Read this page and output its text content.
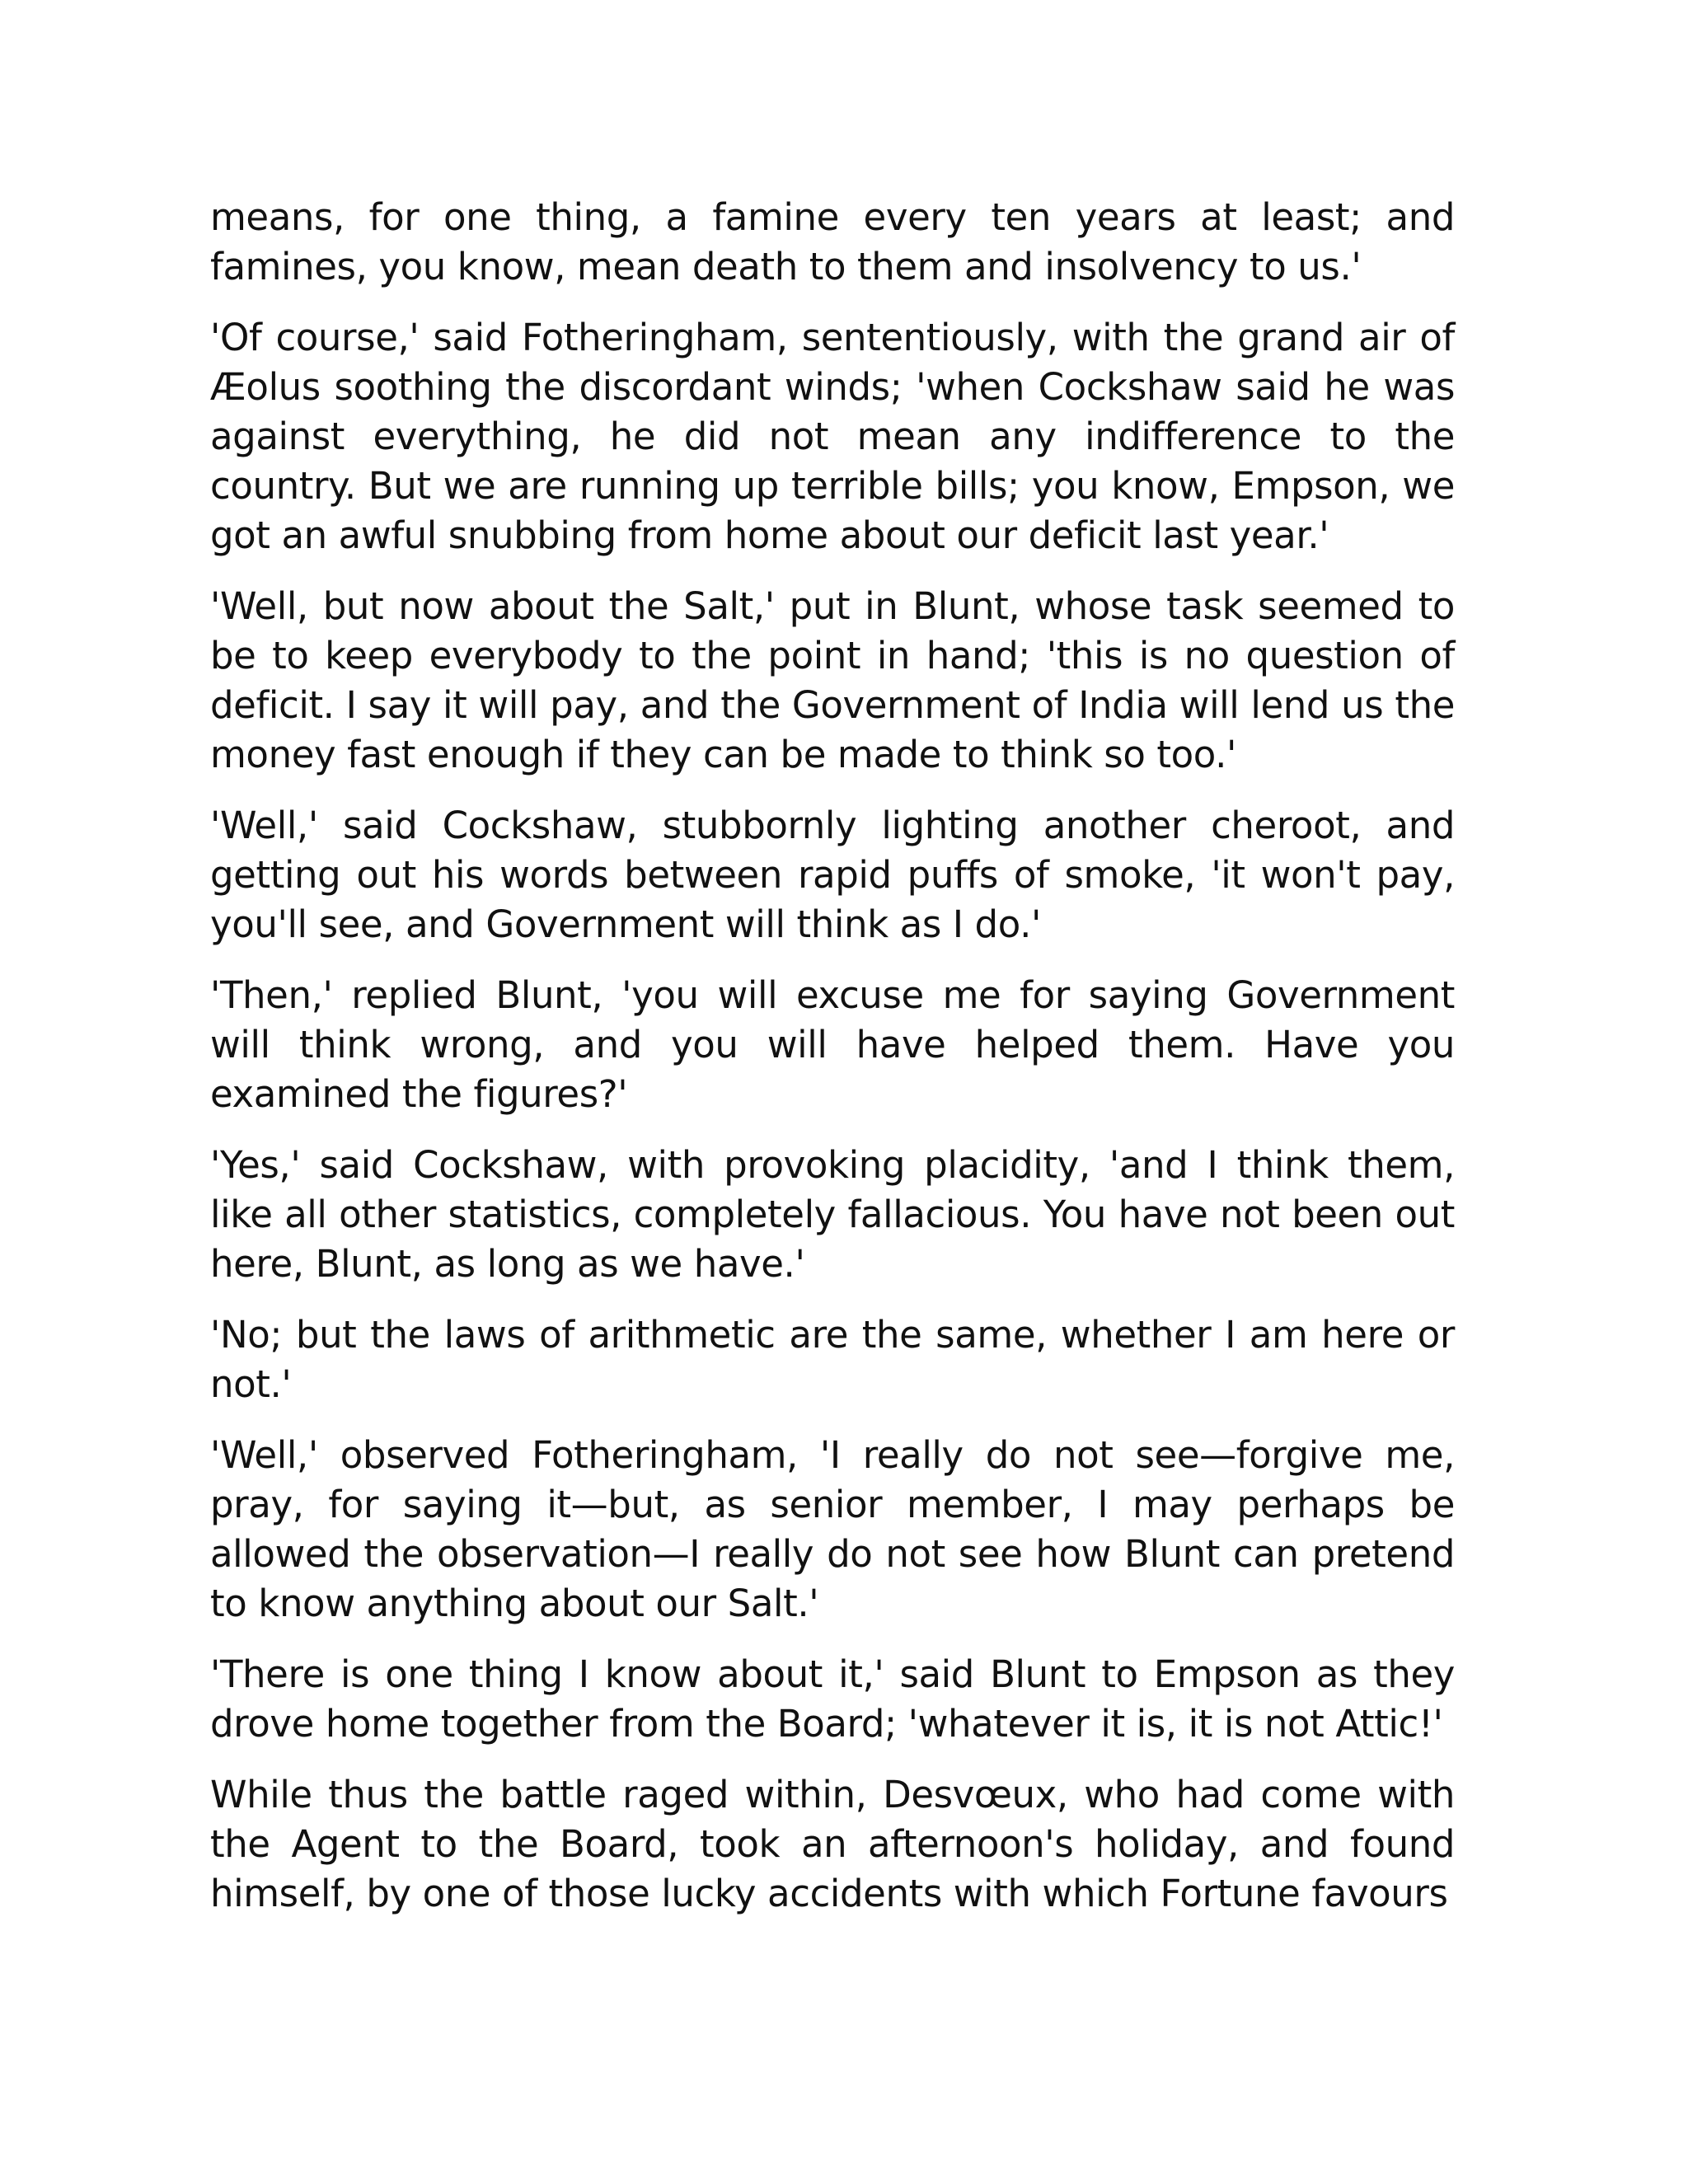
means, for one thing, a famine every ten years at least; and famines, you know, mean death to them and insolvency to us.'

'Of course,' said Fotheringham, sententiously, with the grand air of Æolus soothing the discordant winds; 'when Cockshaw said he was against everything, he did not mean any indifference to the country. But we are running up terrible bills; you know, Empson, we got an awful snubbing from home about our deficit last year.'

'Well, but now about the Salt,' put in Blunt, whose task seemed to be to keep everybody to the point in hand; 'this is no question of deficit. I say it will pay, and the Government of India will lend us the money fast enough if they can be made to think so too.'

'Well,' said Cockshaw, stubbornly lighting another cheroot, and getting out his words between rapid puffs of smoke, 'it won't pay, you'll see, and Government will think as I do.'

'Then,' replied Blunt, 'you will excuse me for saying Government will think wrong, and you will have helped them. Have you examined the figures?'

'Yes,' said Cockshaw, with provoking placidity, 'and I think them, like all other statistics, completely fallacious. You have not been out here, Blunt, as long as we have.'

'No; but the laws of arithmetic are the same, whether I am here or not.'

'Well,' observed Fotheringham, 'I really do not see—forgive me, pray, for saying it—but, as senior member, I may perhaps be allowed the observation—I really do not see how Blunt can pretend to know anything about our Salt.'

'There is one thing I know about it,' said Blunt to Empson as they drove home together from the Board; 'whatever it is, it is not Attic!'

While thus the battle raged within, Desvœux, who had come with the Agent to the Board, took an afternoon's holiday, and found himself, by one of those lucky accidents with which Fortune favours
